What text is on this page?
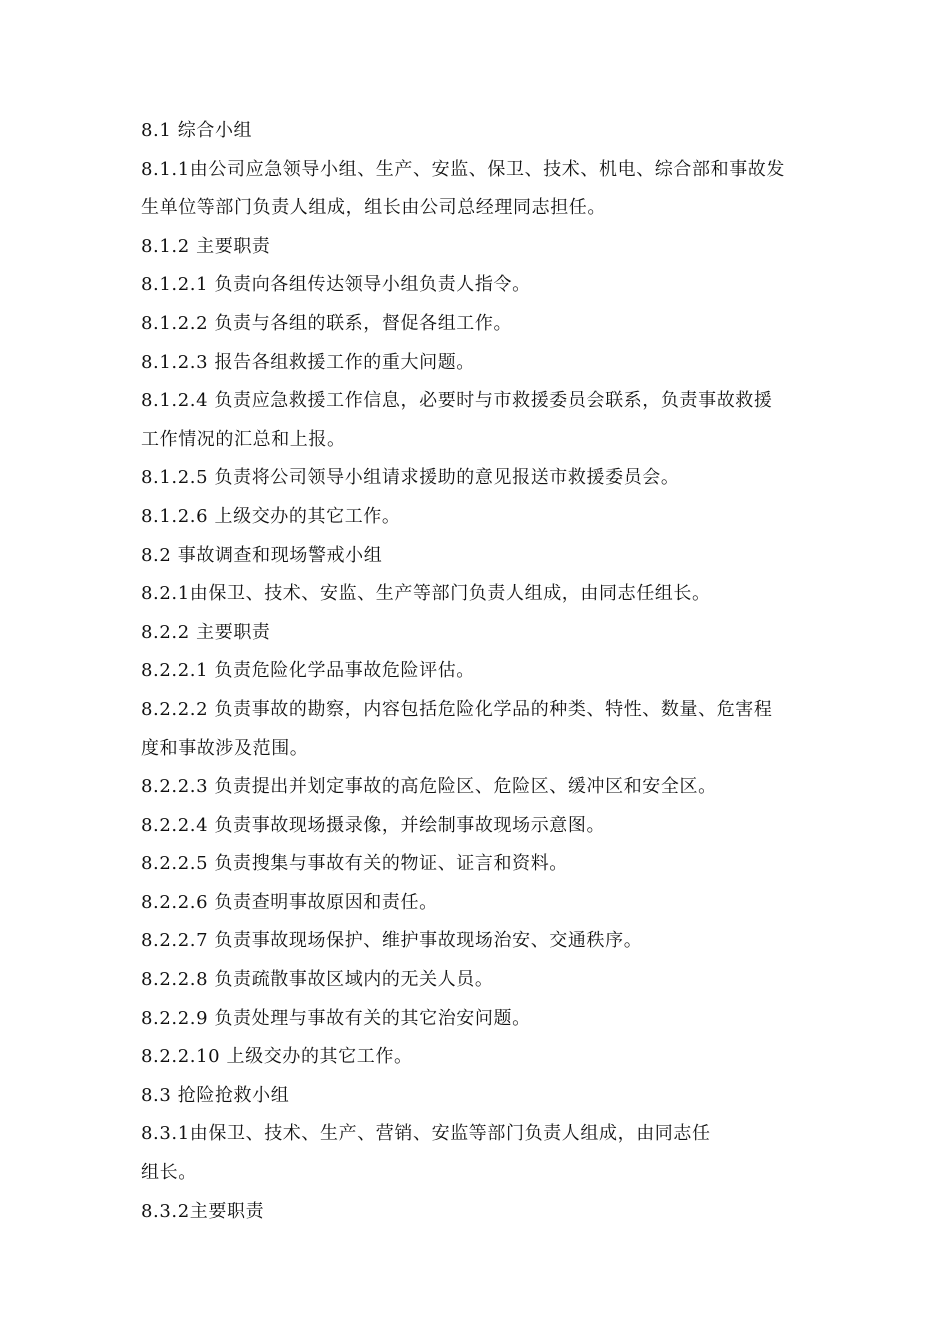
8.1 综合小组
8.1.1由公司应急领导小组、生产、安监、保卫、技术、机电、综合部和事故发
生单位等部门负责人组成，组长由公司总经理同志担任。
8.1.2 主要职责
8.1.2.1 负责向各组传达领导小组负责人指令。
8.1.2.2 负责与各组的联系，督促各组工作。
8.1.2.3 报告各组救援工作的重大问题。
8.1.2.4 负责应急救援工作信息，必要时与市救援委员会联系，负责事故救援
工作情况的汇总和上报。
8.1.2.5 负责将公司领导小组请求援助的意见报送市救援委员会。
8.1.2.6 上级交办的其它工作。
8.2 事故调查和现场警戒小组
8.2.1由保卫、技术、安监、生产等部门负责人组成，由同志任组长。
8.2.2 主要职责
8.2.2.1 负责危险化学品事故危险评估。
8.2.2.2 负责事故的勘察，内容包括危险化学品的种类、特性、数量、危害程
度和事故涉及范围。
8.2.2.3 负责提出并划定事故的高危险区、危险区、缓冲区和安全区。
8.2.2.4 负责事故现场摄录像，并绘制事故现场示意图。
8.2.2.5 负责搜集与事故有关的物证、证言和资料。
8.2.2.6 负责查明事故原因和责任。
8.2.2.7 负责事故现场保护、维护事故现场治安、交通秩序。
8.2.2.8 负责疏散事故区域内的无关人员。
8.2.2.9 负责处理与事故有关的其它治安问题。
8.2.2.10 上级交办的其它工作。
8.3 抢险抢救小组
8.3.1由保卫、技术、生产、营销、安监等部门负责人组成，由同志任
组长。
8.3.2主要职责
